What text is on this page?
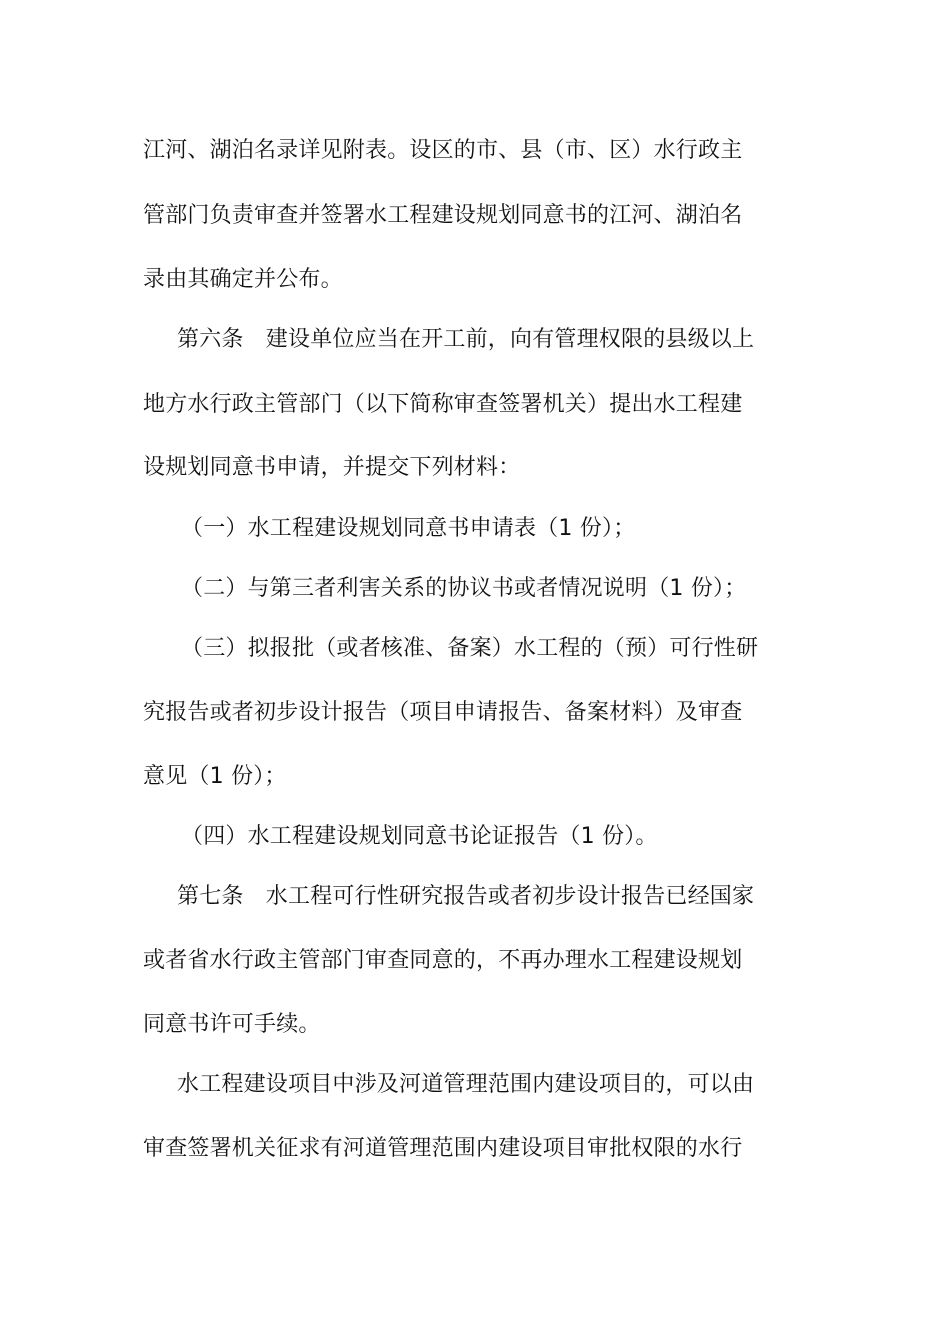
江河、湖泊名录详见附表。设区的市、县（市、区）水行政主
管部门负责审查并签署水工程建设规划同意书的江河、湖泊名
录由其确定并公布。
第六条　建设单位应当在开工前，向有管理权限的县级以上
地方水行政主管部门（以下简称审查签署机关）提出水工程建
设规划同意书申请，并提交下列材料：
（一）水工程建设规划同意书申请表（1 份）；
（二）与第三者利害关系的协议书或者情况说明（1 份）；
（三）拟报批（或者核准、备案）水工程的（预）可行性研
究报告或者初步设计报告（项目申请报告、备案材料）及审查
意见（1 份）；
（四）水工程建设规划同意书论证报告（1 份）。
第七条　水工程可行性研究报告或者初步设计报告已经国家
或者省水行政主管部门审查同意的，不再办理水工程建设规划
同意书许可手续。
水工程建设项目中涉及河道管理范围内建设项目的，可以由
审查签署机关征求有河道管理范围内建设项目审批权限的水行
